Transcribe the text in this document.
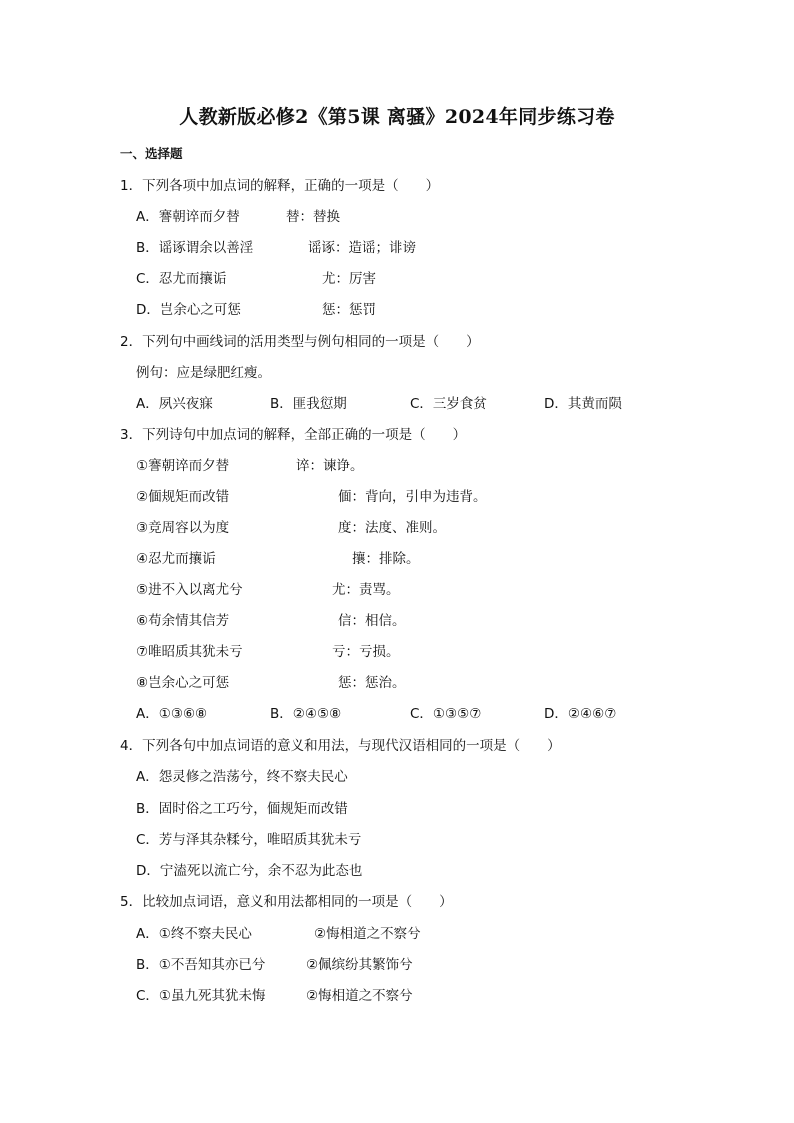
人教新版必修2《第5课 离骚》2024年同步练习卷
一、选择题
1．下列各项中加点词的解释，正确的一项是（　　）
A．謇朝谇而夕替	替：替换
B．谣诼谓余以善淫	谣诼：造谣；诽谤
C．忍尤而攘诟	尤：厉害
D．岂余心之可惩	惩：惩罚
2．下列句中画线词的活用类型与例句相同的一项是（　　）
例句：应是绿肥红瘦。
A．夙兴夜寐	B．匪我愆期	C．三岁食贫	D．其黄而陨
3．下列诗句中加点词的解释，全部正确的一项是（　　）
①謇朝谇而夕替	谇：谏诤。
②偭规矩而改错	偭：背向，引申为违背。
③竞周容以为度	度：法度、准则。
④忍尤而攘诟	攘：排除。
⑤进不入以离尤兮	尤：责骂。
⑥苟余情其信芳	信：相信。
⑦唯昭质其犹未亏	亏：亏损。
⑧岂余心之可惩	惩：惩治。
A．①③⑥⑧	B．②④⑤⑧	C．①③⑤⑦	D．②④⑥⑦
4．下列各句中加点词语的意义和用法，与现代汉语相同的一项是（　　）
A．怨灵修之浩荡兮，终不察夫民心
B．固时俗之工巧兮，偭规矩而改错
C．芳与泽其杂糅兮，唯昭质其犹未亏
D．宁溘死以流亡兮，余不忍为此态也
5．比较加点词语，意义和用法都相同的一项是（　　）
A．①终不察夫民心	②悔相道之不察兮
B．①不吾知其亦已兮	②佩缤纷其繁饰兮
C．①虽九死其犹未悔	②悔相道之不察兮
